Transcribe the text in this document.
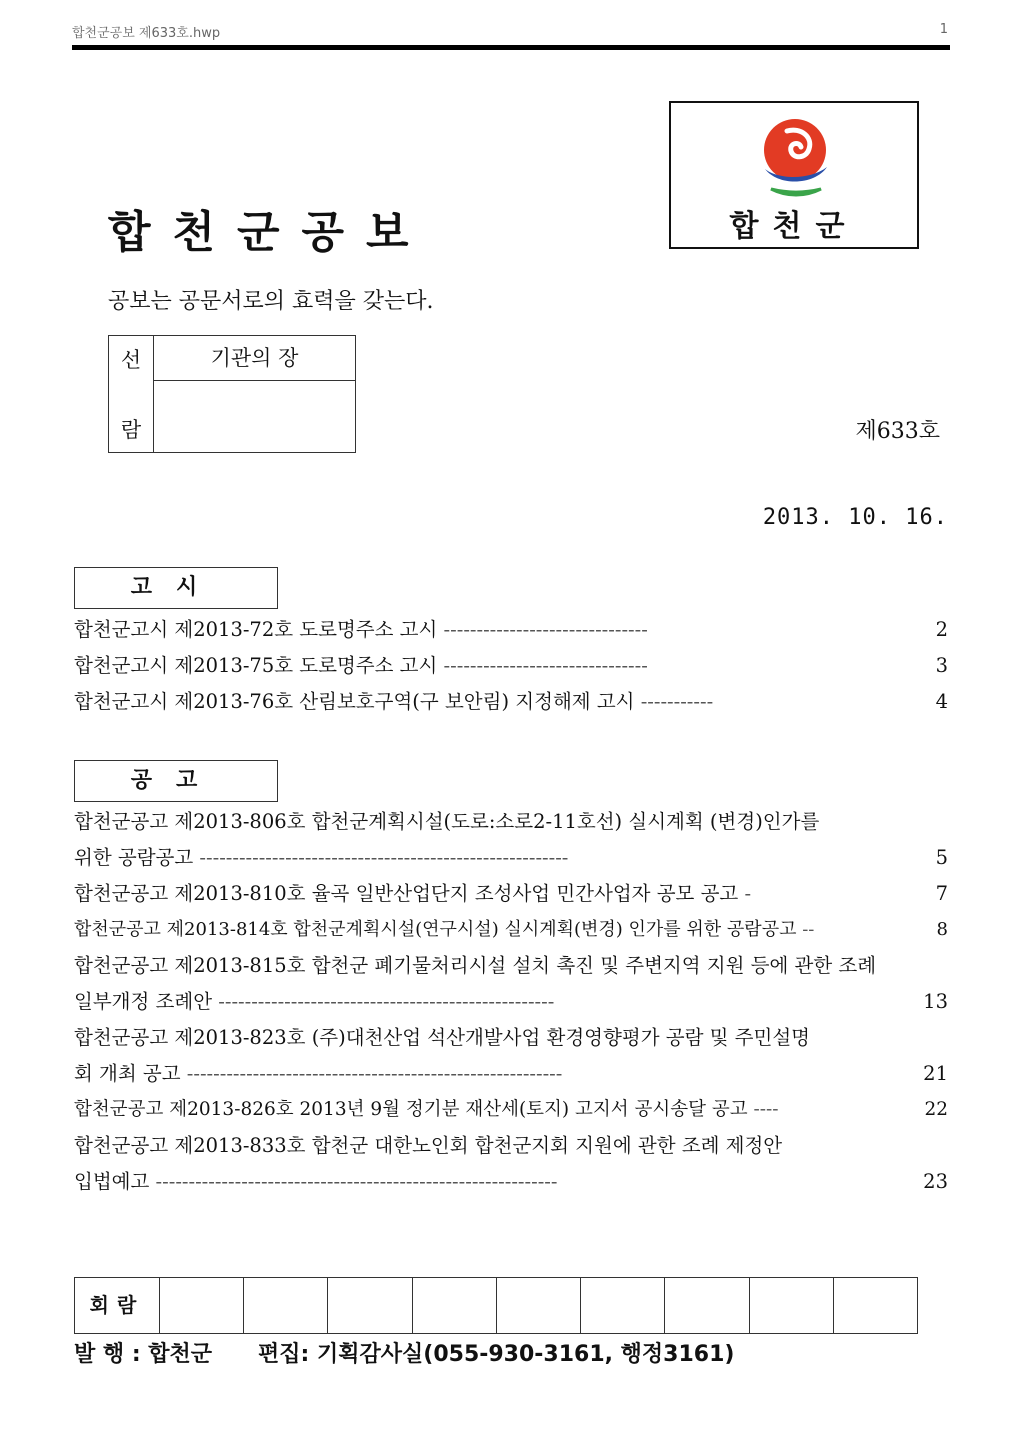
합천군공보 제633호.hwp	1
합천군공보
공보는 공문서로의 효력을 갖는다.
합천군
선
람
기관의 장
제633호
2013. 10. 16.
고시
합천군고시 제2013-72호 도로명주소 고시 -------------------------------	2
합천군고시 제2013-75호 도로명주소 고시 -------------------------------	3
합천군고시 제2013-76호 산림보호구역(구 보안림) 지정해제 고시 -----------	4
공고
합천군공고 제2013-806호 합천군계획시설(도로:소로2-11호선) 실시계획 (변경)인가를
위한 공람공고 --------------------------------------------------------	5
합천군공고 제2013-810호 율곡 일반산업단지 조성사업 민간사업자 공모 공고 -	7
합천군공고 제2013-814호 합천군계획시설(연구시설) 실시계획(변경) 인가를 위한 공람공고 --	8
합천군공고 제2013-815호 합천군 폐기물처리시설 설치 촉진 및 주변지역 지원 등에 관한 조례
일부개정 조례안 ---------------------------------------------------	13
합천군공고 제2013-823호 (주)대천산업 석산개발사업 환경영향평가 공람 및 주민설명
회 개최 공고 ---------------------------------------------------------	21
합천군공고 제2013-826호 2013년 9월 정기분 재산세(토지) 고지서 공시송달 공고 ----	22
합천군공고 제2013-833호 합천군 대한노인회 합천군지회 지원에 관한 조례 제정안
입법예고 -------------------------------------------------------------	23
회람
발 행 : 합천군 편집: 기획감사실(055-930-3161, 행정3161)
